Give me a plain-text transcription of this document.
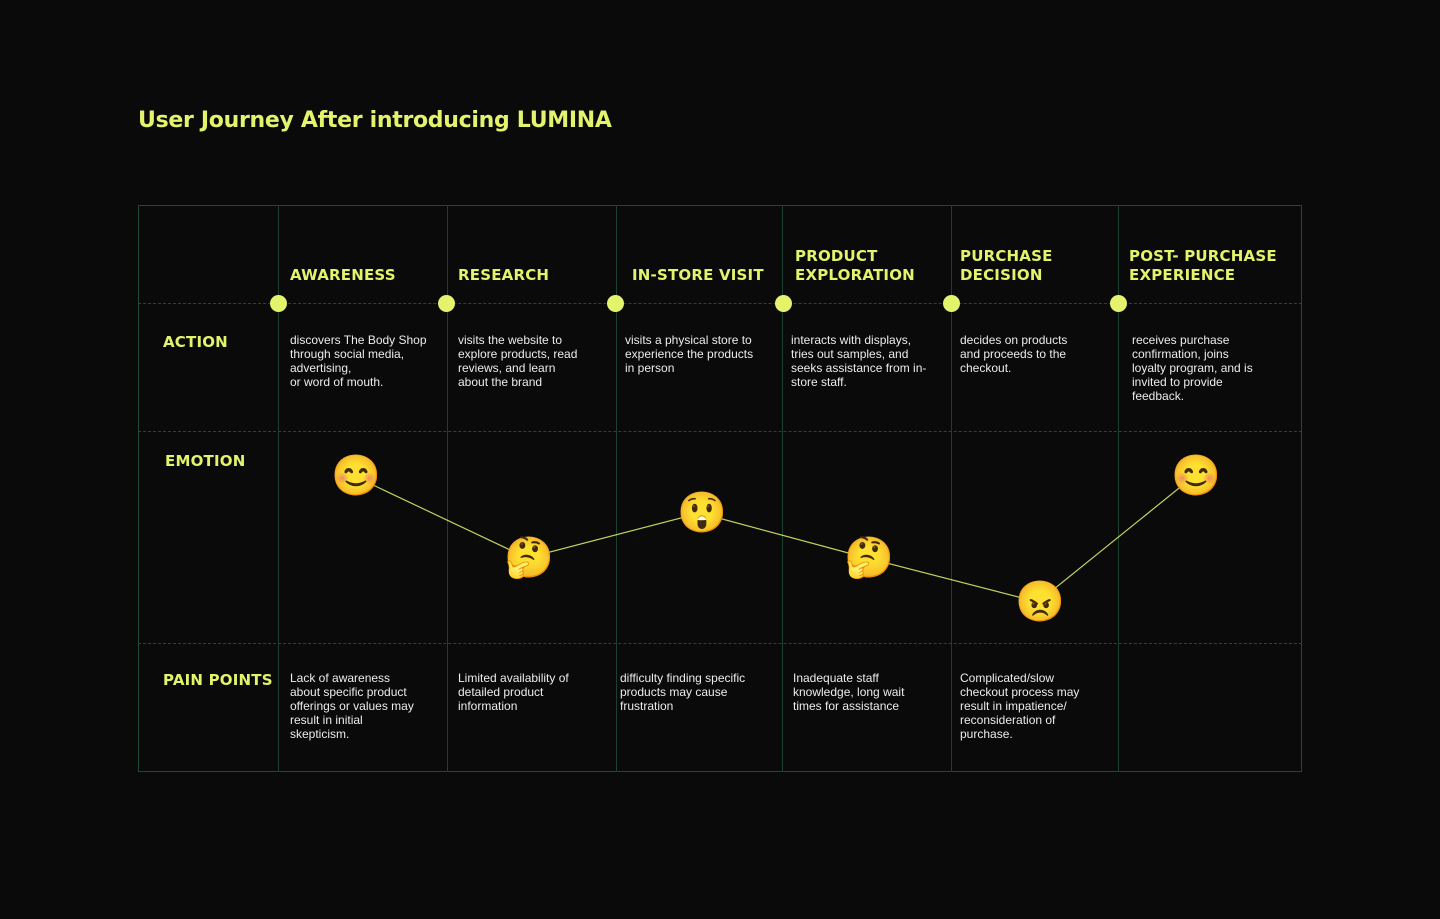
User Journey After introducing LUMINA
ACTION
EMOTION
PAIN POINTS
AWARENESS	RESEARCH	IN-STORE VISIT
PRODUCT
EXPLORATION
PURCHASE
DECISION
POST- PURCHASE
EXPERIENCE
discovers The Body Shop
through social media,
advertising,
or word of mouth.
visits the website to
explore products, read
reviews, and learn
about the brand
visits a physical store to
experience the products
in person
interacts with displays,
tries out samples, and
seeks assistance from in-
store staff.
decides on products
and proceeds to the
checkout.
receives purchase
confirmation, joins
loyalty program, and is
invited to provide
feedback.
😊
🤔
😲
🤔
😠
😊
Lack of awareness
about specific product
offerings or values may
result in initial
skepticism.
Limited availability of
detailed product
information
difficulty finding specific
products may cause
frustration
Inadequate staff
knowledge, long wait
times for assistance
Complicated/slow
checkout process may
result in impatience/
reconsideration of
purchase.
